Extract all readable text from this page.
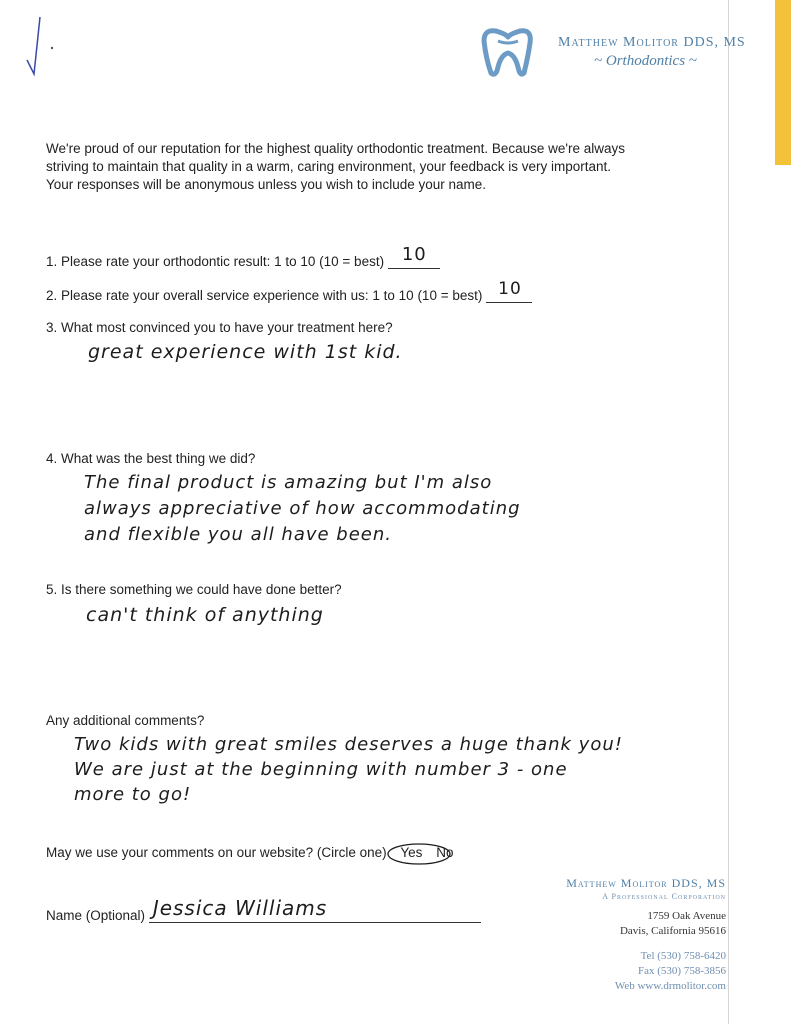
Matthew Molitor DDS, MS
~ Orthodontics ~
We're proud of our reputation for the highest quality orthodontic treatment. Because we're always
striving to maintain that quality in a warm, caring environment, your feedback is very important.
Your responses will be anonymous unless you wish to include your name.
1. Please rate your orthodontic result: 1 to 10 (10 = best) 10
2. Please rate your overall service experience with us: 1 to 10 (10 = best) 10
3. What most convinced you to have your treatment here?
great experience with 1st kid.
4. What was the best thing we did?
The final product is amazing but I'm also
always appreciative of how accommodating
and flexible you all have been.
5. Is there something we could have done better?
can't think of anything
Any additional comments?
Two kids with great smiles deserves a huge thank you!
We are just at the beginning with number 3 - one
more to go!
May we use your comments on our website? (Circle one) Yes No
Name (Optional) Jessica Williams
Matthew Molitor DDS, MS
A Professional Corporation
1759 Oak Avenue
Davis, California 95616
Tel (530) 758-6420
Fax (530) 758-3856
Web www.drmolitor.com
